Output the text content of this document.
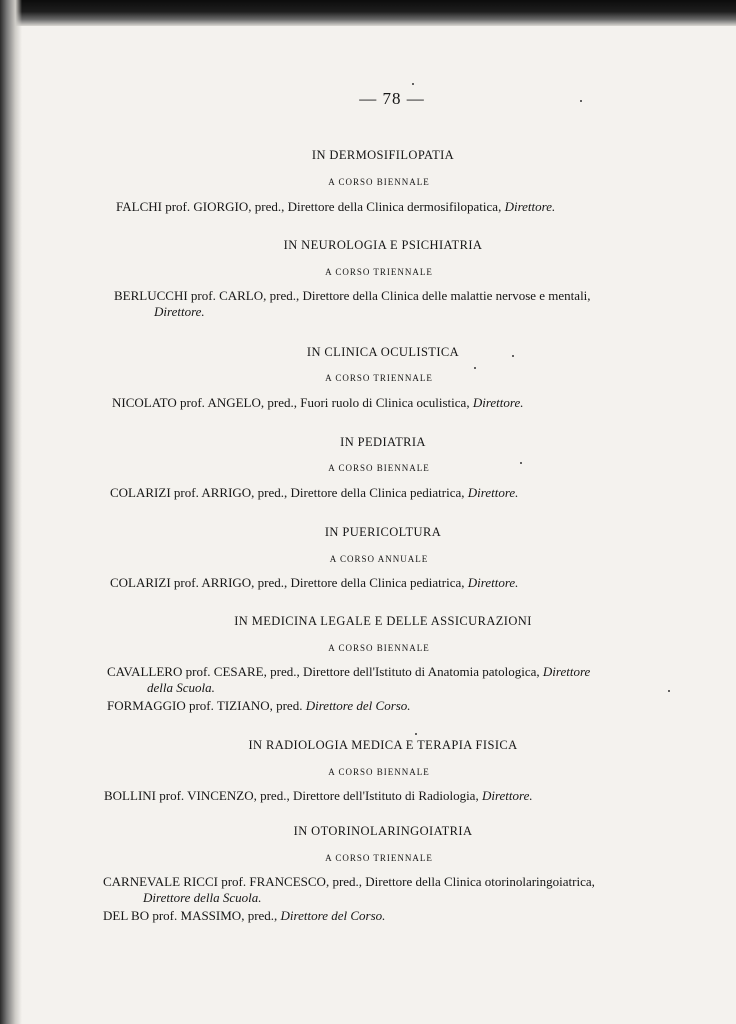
— 78 —
IN DERMOSIFILOPATIA
A CORSO BIENNALE
FALCHI prof. GIORGIO, pred., Direttore della Clinica dermosifilopatica, Direttore.
IN NEUROLOGIA E PSICHIATRIA
A CORSO TRIENNALE
BERLUCCHI prof. CARLO, pred., Direttore della Clinica delle malattie nervose e mentali,
Direttore.
IN CLINICA OCULISTICA
A CORSO TRIENNALE
NICOLATO prof. ANGELO, pred., Fuori ruolo di Clinica oculistica, Direttore.
IN PEDIATRIA
A CORSO BIENNALE
COLARIZI prof. ARRIGO, pred., Direttore della Clinica pediatrica, Direttore.
IN PUERICOLTURA
A CORSO ANNUALE
COLARIZI prof. ARRIGO, pred., Direttore della Clinica pediatrica, Direttore.
IN MEDICINA LEGALE E DELLE ASSICURAZIONI
A CORSO BIENNALE
CAVALLERO prof. CESARE, pred., Direttore dell'Istituto di Anatomia patologica, Direttore
della Scuola.
FORMAGGIO prof. TIZIANO, pred. Direttore del Corso.
IN RADIOLOGIA MEDICA E TERAPIA FISICA
A CORSO BIENNALE
BOLLINI prof. VINCENZO, pred., Direttore dell'Istituto di Radiologia, Direttore.
IN OTORINOLARINGOIATRIA
A CORSO TRIENNALE
CARNEVALE RICCI prof. FRANCESCO, pred., Direttore della Clinica otorinolaringoiatrica,
Direttore della Scuola.
DEL BO prof. MASSIMO, pred., Direttore del Corso.
